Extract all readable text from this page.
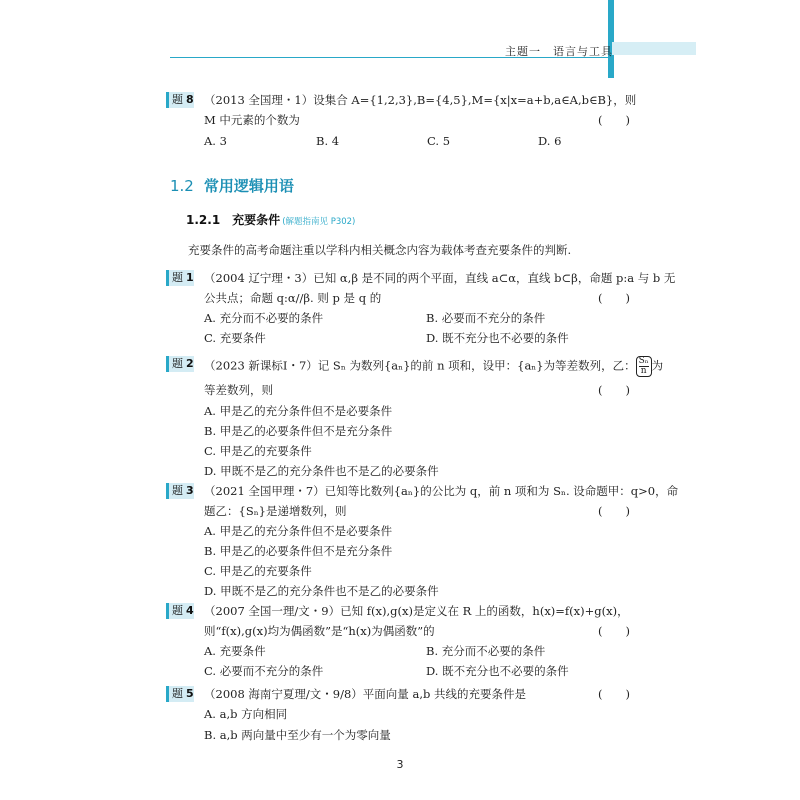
主题一　语言与工具
题 8 （2013 全国理・1）设集合 A={1,2,3},B={4,5},M={x|x=a+b,a∈A,b∈B}，则
M 中元素的个数为	(　　)
A. 3	B. 4	C. 5	D. 6
1.2 常用逻辑用语
1.2.1 充要条件 (解题指南见 P302)
充要条件的高考命题注重以学科内相关概念内容为载体考查充要条件的判断.
题 1 （2004 辽宁理・3）已知 α,β 是不同的两个平面，直线 a⊂α，直线 b⊂β，命题 p:a 与 b 无
公共点；命题 q:α//β. 则 p 是 q 的	(　　)
A. 充分而不必要的条件	B. 必要而不充分的条件
C. 充要条件	D. 既不充分也不必要的条件
题 2 （2023 新课标Ⅰ・7）记 Sₙ 为数列{aₙ}的前 n 项和，设甲：{aₙ}为等差数列，乙： $\frac{\text{Sₙ}}{n}$ 为
等差数列，则	(　　)
A. 甲是乙的充分条件但不是必要条件
B. 甲是乙的必要条件但不是充分条件
C. 甲是乙的充要条件
D. 甲既不是乙的充分条件也不是乙的必要条件
题 3 （2021 全国甲理・7）已知等比数列{aₙ}的公比为 q，前 n 项和为 Sₙ. 设命题甲：q>0，命
题乙：{Sₙ}是递增数列，则	(　　)
A. 甲是乙的充分条件但不是必要条件
B. 甲是乙的必要条件但不是充分条件
C. 甲是乙的充要条件
D. 甲既不是乙的充分条件也不是乙的必要条件
题 4 （2007 全国一理/文・9）已知 f(x),g(x)是定义在 R 上的函数，h(x)=f(x)+g(x)，
则“f(x),g(x)均为偶函数”是“h(x)为偶函数”的	(　　)
A. 充要条件	B. 充分而不必要的条件
C. 必要而不充分的条件	D. 既不充分也不必要的条件
题 5 （2008 海南宁夏理/文・9/8）平面向量 a,b 共线的充要条件是	(　　)
A. a,b 方向相同
B. a,b 两向量中至少有一个为零向量
3
